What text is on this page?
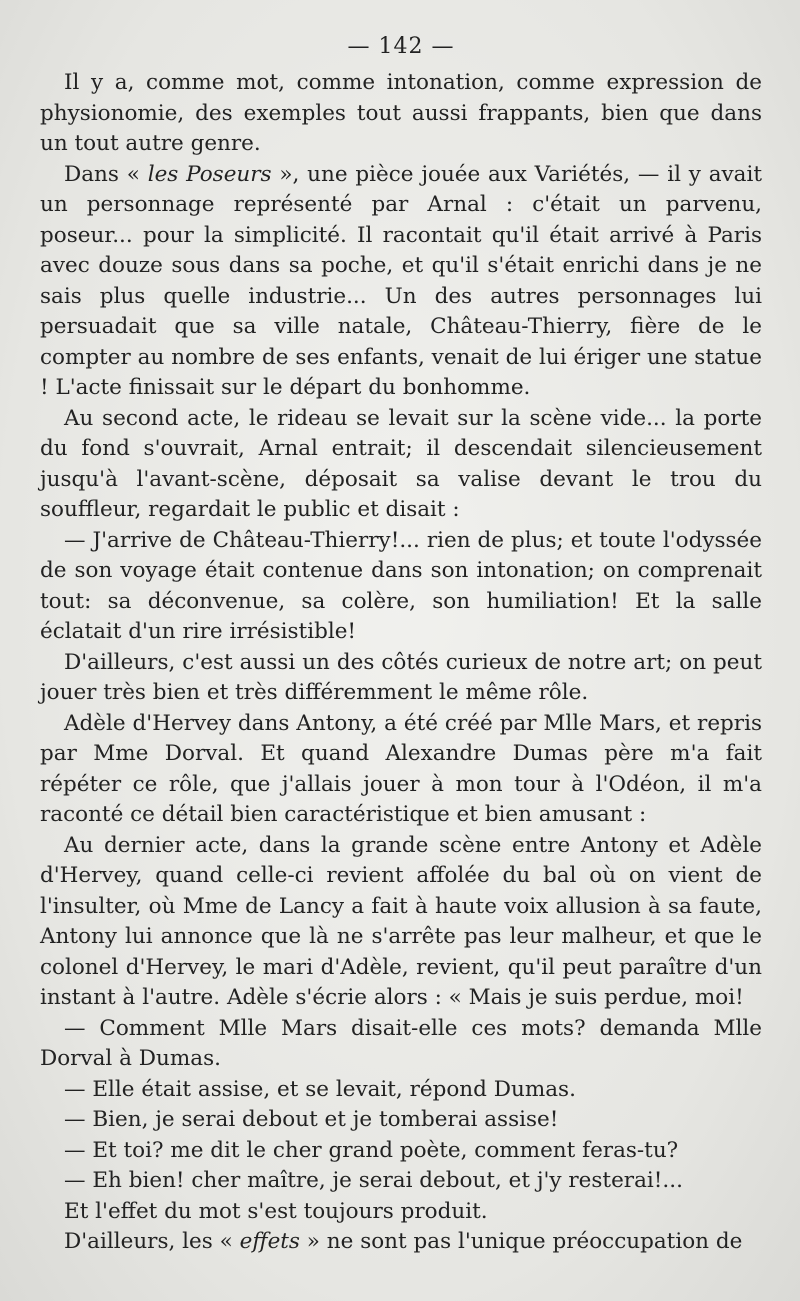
— 142 —

Il y a, comme mot, comme intonation, comme expression de physionomie, des exemples tout aussi frappants, bien que dans un tout autre genre.

Dans « les Poseurs », une pièce jouée aux Variétés, — il y avait un personnage représenté par Arnal : c'était un parvenu, poseur... pour la simplicité. Il racontait qu'il était arrivé à Paris avec douze sous dans sa poche, et qu'il s'était enrichi dans je ne sais plus quelle industrie... Un des autres personnages lui persuadait que sa ville natale, Château-Thierry, fière de le compter au nombre de ses enfants, venait de lui ériger une statue ! L'acte finissait sur le départ du bonhomme.

Au second acte, le rideau se levait sur la scène vide... la porte du fond s'ouvrait, Arnal entrait; il descendait silencieusement jusqu'à l'avant-scène, déposait sa valise devant le trou du souffleur, regardait le public et disait :

— J'arrive de Château-Thierry!... rien de plus; et toute l'odyssée de son voyage était contenue dans son intonation; on comprenait tout: sa déconvenue, sa colère, son humiliation! Et la salle éclatait d'un rire irrésistible!

D'ailleurs, c'est aussi un des côtés curieux de notre art; on peut jouer très bien et très différemment le même rôle.

Adèle d'Hervey dans Antony, a été créé par Mlle Mars, et repris par Mme Dorval. Et quand Alexandre Dumas père m'a fait répéter ce rôle, que j'allais jouer à mon tour à l'Odéon, il m'a raconté ce détail bien caractéristique et bien amusant :

Au dernier acte, dans la grande scène entre Antony et Adèle d'Hervey, quand celle-ci revient affolée du bal où on vient de l'insulter, où Mme de Lancy a fait à haute voix allusion à sa faute, Antony lui annonce que là ne s'arrête pas leur malheur, et que le colonel d'Hervey, le mari d'Adèle, revient, qu'il peut paraître d'un instant à l'autre. Adèle s'écrie alors : « Mais je suis perdue, moi!

— Comment Mlle Mars disait-elle ces mots? demanda Mlle Dorval à Dumas.

— Elle était assise, et se levait, répond Dumas.

— Bien, je serai debout et je tomberai assise!

— Et toi? me dit le cher grand poète, comment feras-tu?

— Eh bien! cher maître, je serai debout, et j'y resterai!...

Et l'effet du mot s'est toujours produit.

D'ailleurs, les « effets » ne sont pas l'unique préoccupation de
